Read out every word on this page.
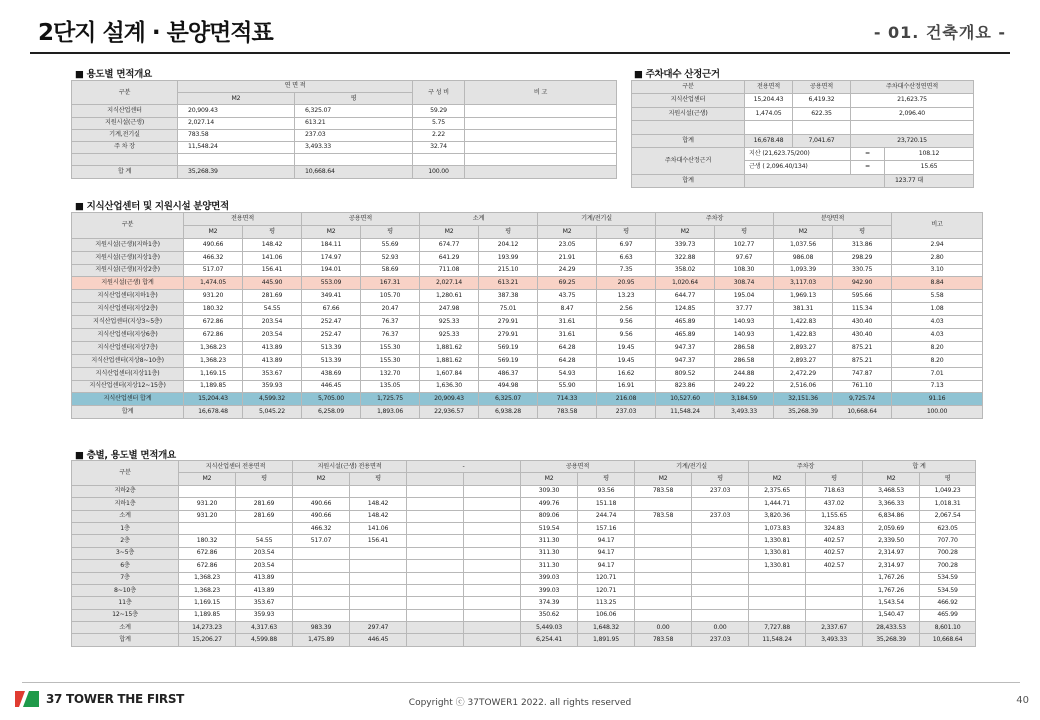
2단지 설계 · 분양면적표	- 01. 건축개요 -
■ 용도별 면적개요
구분	연 면 적		구 성 비	비 고
	M2	평		
지식산업센터	20,909.43	6,325.07	59.29	
지원시설(근생)	2,027.14	613.21	5.75	
기계,전기실	783.58	237.03	2.22	
주 차 장	11,548.24	3,493.33	32.74	

합 계	35,268.39	10,668.64	100.00	
■ 주차대수 산정근거
구분	전용면적	공용면적	주차대수산정연면적	
지식산업센터	15,204.43	6,419.32	21,623.75	
지원시설(근생)	1,474.05	622.35	2,096.40	

합계	16,678.48	7,041.67	23,720.15	
주차대수산정근거	지산 (21,623.75/200)		=	108.12
	근생 ( 2,096.40/134)		=	15.65
합계				123.77 대
■ 지식산업센터 및 지원시설 분양면적
구분	전용면적		공용면적		소계		기계/전기실		주차장		분양면적		비고
	M2	평	M2	평	M2	평	M2	평	M2	평	M2	평	
지원시설(근생)(지하1층)	490.66	148.42	184.11	55.69	674.77	204.12	23.05	6.97	339.73	102.77	1,037.56	313.86	2.94
지원시설(근생)(지상1층)	466.32	141.06	174.97	52.93	641.29	193.99	21.91	6.63	322.88	97.67	986.08	298.29	2.80
지원시설(근생)(지상2층)	517.07	156.41	194.01	58.69	711.08	215.10	24.29	7.35	358.02	108.30	1,093.39	330.75	3.10
지원시설(근생) 합계	1,474.05	445.90	553.09	167.31	2,027.14	613.21	69.25	20.95	1,020.64	308.74	3,117.03	942.90	8.84
지식산업센터(지하1층)	931.20	281.69	349.41	105.70	1,280.61	387.38	43.75	13.23	644.77	195.04	1,969.13	595.66	5.58
지식산업센터(지상2층)	180.32	54.55	67.66	20.47	247.98	75.01	8.47	2.56	124.85	37.77	381.31	115.34	1.08
지식산업센터(지상3~5층)	672.86	203.54	252.47	76.37	925.33	279.91	31.61	9.56	465.89	140.93	1,422.83	430.40	4.03
지식산업센터(지상6층)	672.86	203.54	252.47	76.37	925.33	279.91	31.61	9.56	465.89	140.93	1,422.83	430.40	4.03
지식산업센터(지상7층)	1,368.23	413.89	513.39	155.30	1,881.62	569.19	64.28	19.45	947.37	286.58	2,893.27	875.21	8.20
지식산업센터(지상8~10층)	1,368.23	413.89	513.39	155.30	1,881.62	569.19	64.28	19.45	947.37	286.58	2,893.27	875.21	8.20
지식산업센터(지상11층)	1,169.15	353.67	438.69	132.70	1,607.84	486.37	54.93	16.62	809.52	244.88	2,472.29	747.87	7.01
지식산업센터(지상12~15층)	1,189.85	359.93	446.45	135.05	1,636.30	494.98	55.90	16.91	823.86	249.22	2,516.06	761.10	7.13
지식산업센터 합계	15,204.43	4,599.32	5,705.00	1,725.75	20,909.43	6,325.07	714.33	216.08	10,527.60	3,184.59	32,151.36	9,725.74	91.16
합계	16,678.48	5,045.22	6,258.09	1,893.06	22,936.57	6,938.28	783.58	237.03	11,548.24	3,493.33	35,268.39	10,668.64	100.00
■ 층별, 용도별 면적개요
구분	지식산업센터 전용면적		지원시설(근생) 전용면적		-		공용면적		기계/전기실		주차장		합 계	
	M2	평	M2	평			M2	평	M2	평	M2	평	M2	평
지하2층							309.30	93.56	783.58	237.03	2,375.65	718.63	3,468.53	1,049.23
지하1층	931.20	281.69	490.66	148.42			499.76	151.18			1,444.71	437.02	3,366.33	1,018.31
소계	931.20	281.69	490.66	148.42			809.06	244.74	783.58	237.03	3,820.36	1,155.65	6,834.86	2,067.54
1층			466.32	141.06			519.54	157.16			1,073.83	324.83	2,059.69	623.05
2층	180.32	54.55	517.07	156.41			311.30	94.17			1,330.81	402.57	2,339.50	707.70
3~5층	672.86	203.54					311.30	94.17			1,330.81	402.57	2,314.97	700.28
6층	672.86	203.54					311.30	94.17			1,330.81	402.57	2,314.97	700.28
7층	1,368.23	413.89					399.03	120.71					1,767.26	534.59
8~10층	1,368.23	413.89					399.03	120.71					1,767.26	534.59
11층	1,169.15	353.67					374.39	113.25					1,543.54	466.92
12~15층	1,189.85	359.93					350.62	106.06					1,540.47	465.99
소계	14,273.23	4,317.63	983.39	297.47			5,449.03	1,648.32	0.00	0.00	7,727.88	2,337.67	28,433.53	8,601.10
합계	15,206.27	4,599.88	1,475.89	446.45			6,254.41	1,891.95	783.58	237.03	11,548.24	3,493.33	35,268.39	10,668.64
37 TOWER THE FIRST	Copyright ⓒ 37TOWER1 2022. all rights reserved	40
